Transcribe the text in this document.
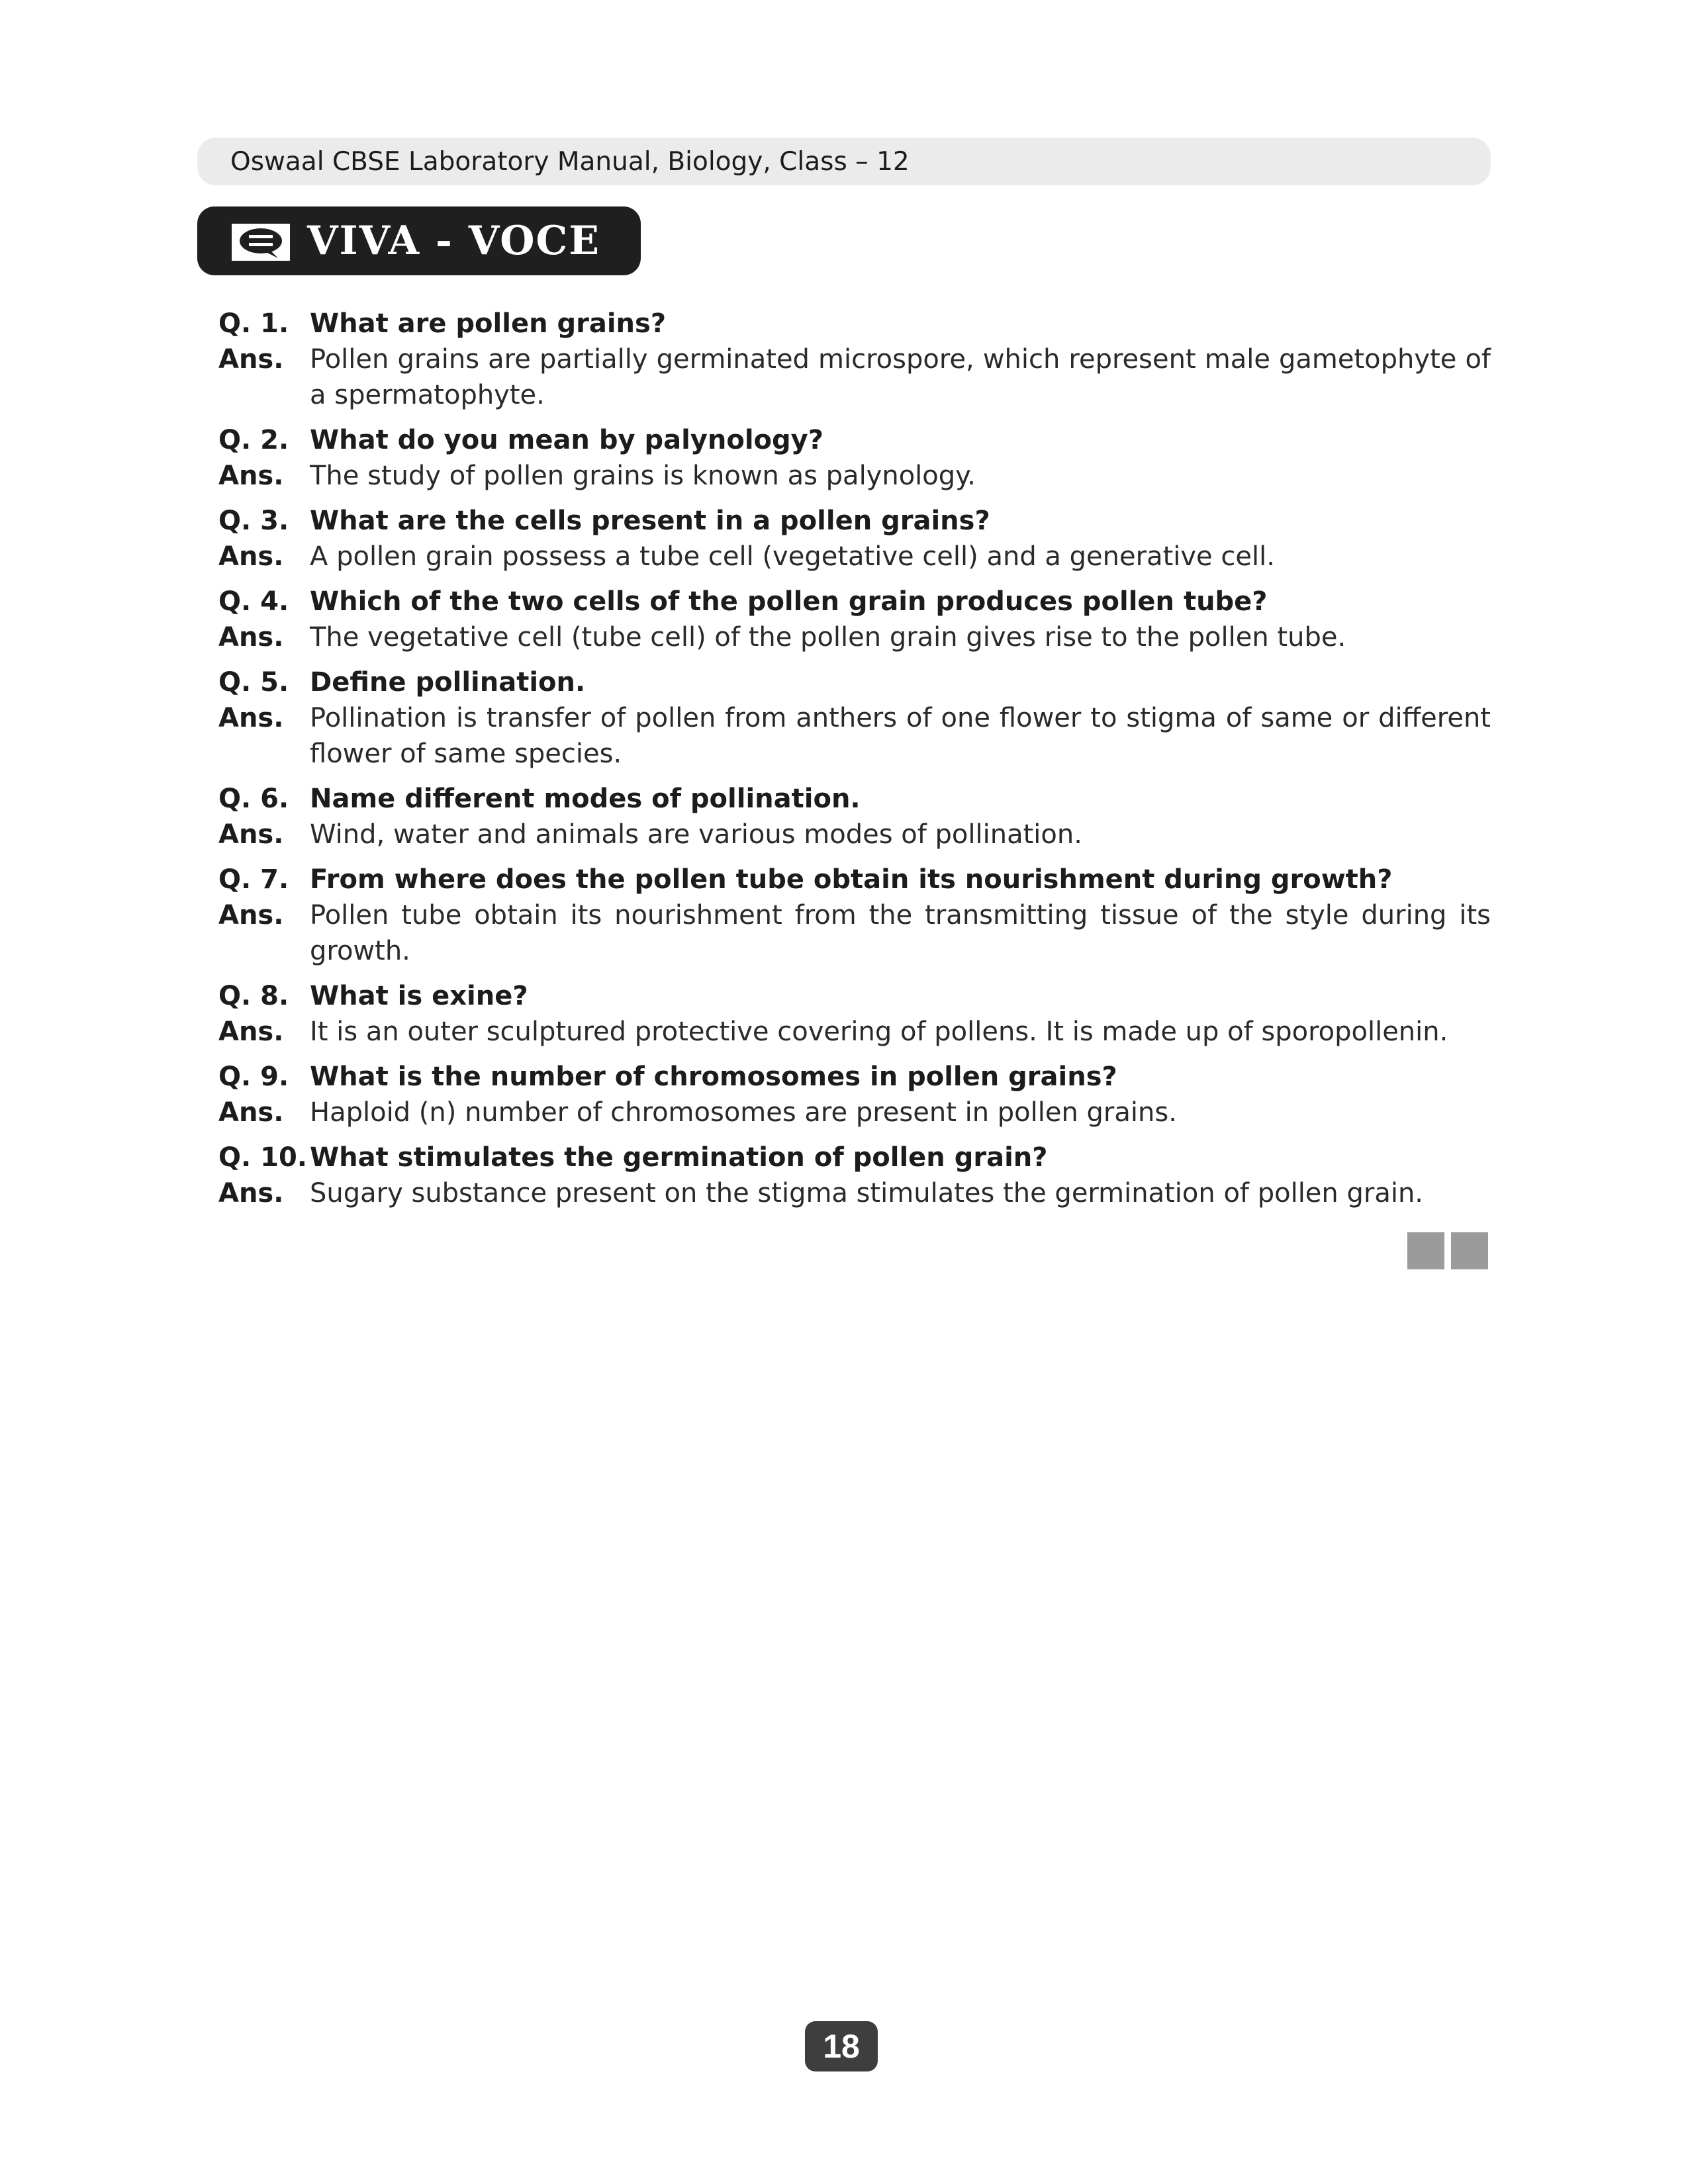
Oswaal CBSE Laboratory Manual, Biology, Class – 12
VIVA - VOCE
Q. 1. What are pollen grains?
Ans. Pollen grains are partially germinated microspore, which represent male gametophyte of a spermatophyte.
Q. 2. What do you mean by palynology?
Ans. The study of pollen grains is known as palynology.
Q. 3. What are the cells present in a pollen grains?
Ans. A pollen grain possess a tube cell (vegetative cell) and a generative cell.
Q. 4. Which of the two cells of the pollen grain produces pollen tube?
Ans. The vegetative cell (tube cell) of the pollen grain gives rise to the pollen tube.
Q. 5. Define pollination.
Ans. Pollination is transfer of pollen from anthers of one flower to stigma of same or different flower of same species.
Q. 6. Name different modes of pollination.
Ans. Wind, water and animals are various modes of pollination.
Q. 7. From where does the pollen tube obtain its nourishment during growth?
Ans. Pollen tube obtain its nourishment from the transmitting tissue of the style during its growth.
Q. 8. What is exine?
Ans. It is an outer sculptured protective covering of pollens. It is made up of sporopollenin.
Q. 9. What is the number of chromosomes in pollen grains?
Ans. Haploid (n) number of chromosomes are present in pollen grains.
Q. 10. What stimulates the germination of pollen grain?
Ans. Sugary substance present on the stigma stimulates the germination of pollen grain.
18
